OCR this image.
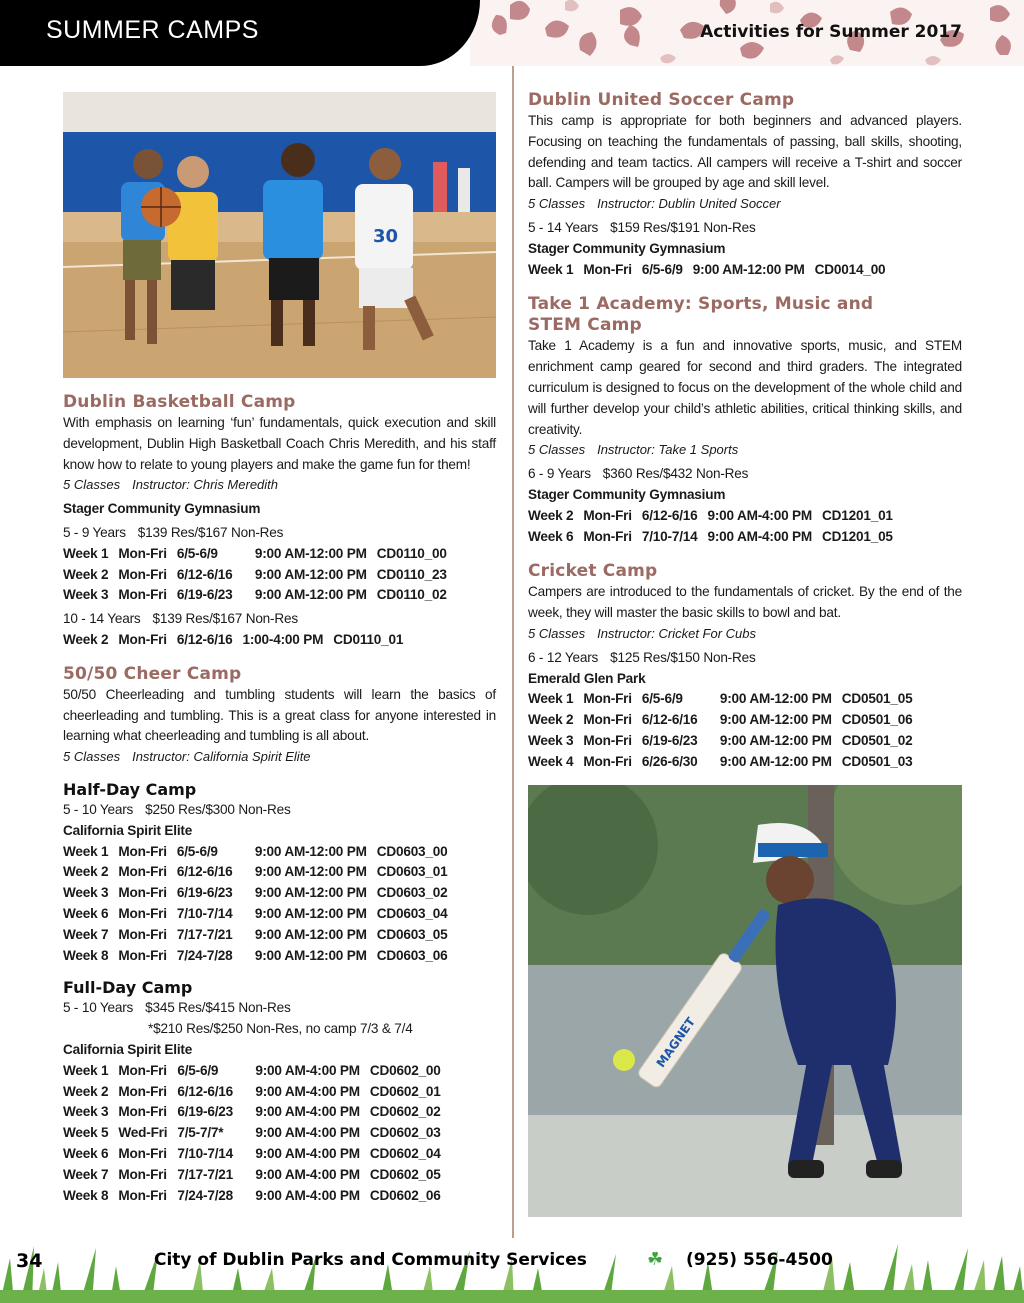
SUMMER CAMPS	Activities for Summer 2017
30
Dublin Basketball Camp

With emphasis on learning ‘fun’ fundamentals, quick execution and skill development, Dublin High Basketball Coach Chris Meredith, and his staff know how to relate to young players and make the game fun for them!

5 Classes Instructor: Chris Meredith
Stager Community Gymnasium
5 - 9 Years $139 Res/$167 Non-Res
Week 1	Mon-Fri	6/5-6/9	9:00 AM-12:00 PM	CD0110_00
Week 2	Mon-Fri	6/12-6/16	9:00 AM-12:00 PM	CD0110_23
Week 3	Mon-Fri	6/19-6/23	9:00 AM-12:00 PM	CD0110_02
10 - 14 Years $139 Res/$167 Non-Res
Week 2	Mon-Fri	6/12-6/16	1:00-4:00 PM	CD0110_01
50/50 Cheer Camp

50/50 Cheerleading and tumbling students will learn the basics of cheerleading and tumbling. This is a great class for anyone interested in learning what cheerleading and tumbling is all about.

5 Classes Instructor: California Spirit Elite
Half-Day Camp
5 - 10 Years $250 Res/$300 Non-Res
California Spirit Elite
Week 1	Mon-Fri	6/5-6/9	9:00 AM-12:00 PM	CD0603_00
Week 2	Mon-Fri	6/12-6/16	9:00 AM-12:00 PM	CD0603_01
Week 3	Mon-Fri	6/19-6/23	9:00 AM-12:00 PM	CD0603_02
Week 6	Mon-Fri	7/10-7/14	9:00 AM-12:00 PM	CD0603_04
Week 7	Mon-Fri	7/17-7/21	9:00 AM-12:00 PM	CD0603_05
Week 8	Mon-Fri	7/24-7/28	9:00 AM-12:00 PM	CD0603_06
Full-Day Camp
5 - 10 Years $345 Res/$415 Non-Res
*$210 Res/$250 Non-Res, no camp 7/3 & 7/4
California Spirit Elite
Week 1	Mon-Fri	6/5-6/9	9:00 AM-4:00 PM	CD0602_00
Week 2	Mon-Fri	6/12-6/16	9:00 AM-4:00 PM	CD0602_01
Week 3	Mon-Fri	6/19-6/23	9:00 AM-4:00 PM	CD0602_02
Week 5	Wed-Fri	7/5-7/7*	9:00 AM-4:00 PM	CD0602_03
Week 6	Mon-Fri	7/10-7/14	9:00 AM-4:00 PM	CD0602_04
Week 7	Mon-Fri	7/17-7/21	9:00 AM-4:00 PM	CD0602_05
Week 8	Mon-Fri	7/24-7/28	9:00 AM-4:00 PM	CD0602_06
Dublin United Soccer Camp

This camp is appropriate for both beginners and advanced players. Focusing on teaching the fundamentals of passing, ball skills, shooting, defending and team tactics. All campers will receive a T-shirt and soccer ball. Campers will be grouped by age and skill level.

5 Classes Instructor: Dublin United Soccer
5 - 14 Years $159 Res/$191 Non-Res
Stager Community Gymnasium
Week 1	Mon-Fri	6/5-6/9	9:00 AM-12:00 PM	CD0014_00
Take 1 Academy: Sports, Music and
STEM Camp

Take 1 Academy is a fun and innovative sports, music, and STEM enrichment camp geared for second and third graders. The integrated curriculum is designed to focus on the development of the whole child and will further develop your child’s athletic abilities, critical thinking skills, and creativity.

5 Classes Instructor: Take 1 Sports
6 - 9 Years $360 Res/$432 Non-Res
Stager Community Gymnasium
Week 2	Mon-Fri	6/12-6/16	9:00 AM-4:00 PM	CD1201_01
Week 6	Mon-Fri	7/10-7/14	9:00 AM-4:00 PM	CD1201_05
Cricket Camp

Campers are introduced to the fundamentals of cricket. By the end of the week, they will master the basic skills to bowl and bat.

5 Classes Instructor: Cricket For Cubs
6 - 12 Years $125 Res/$150 Non-Res
Emerald Glen Park
Week 1	Mon-Fri	6/5-6/9	9:00 AM-12:00 PM	CD0501_05
Week 2	Mon-Fri	6/12-6/16	9:00 AM-12:00 PM	CD0501_06
Week 3	Mon-Fri	6/19-6/23	9:00 AM-12:00 PM	CD0501_02
Week 4	Mon-Fri	6/26-6/30	9:00 AM-12:00 PM	CD0501_03
MAGNET
34	City of Dublin Parks and Community Services	☘ (925) 556-4500
